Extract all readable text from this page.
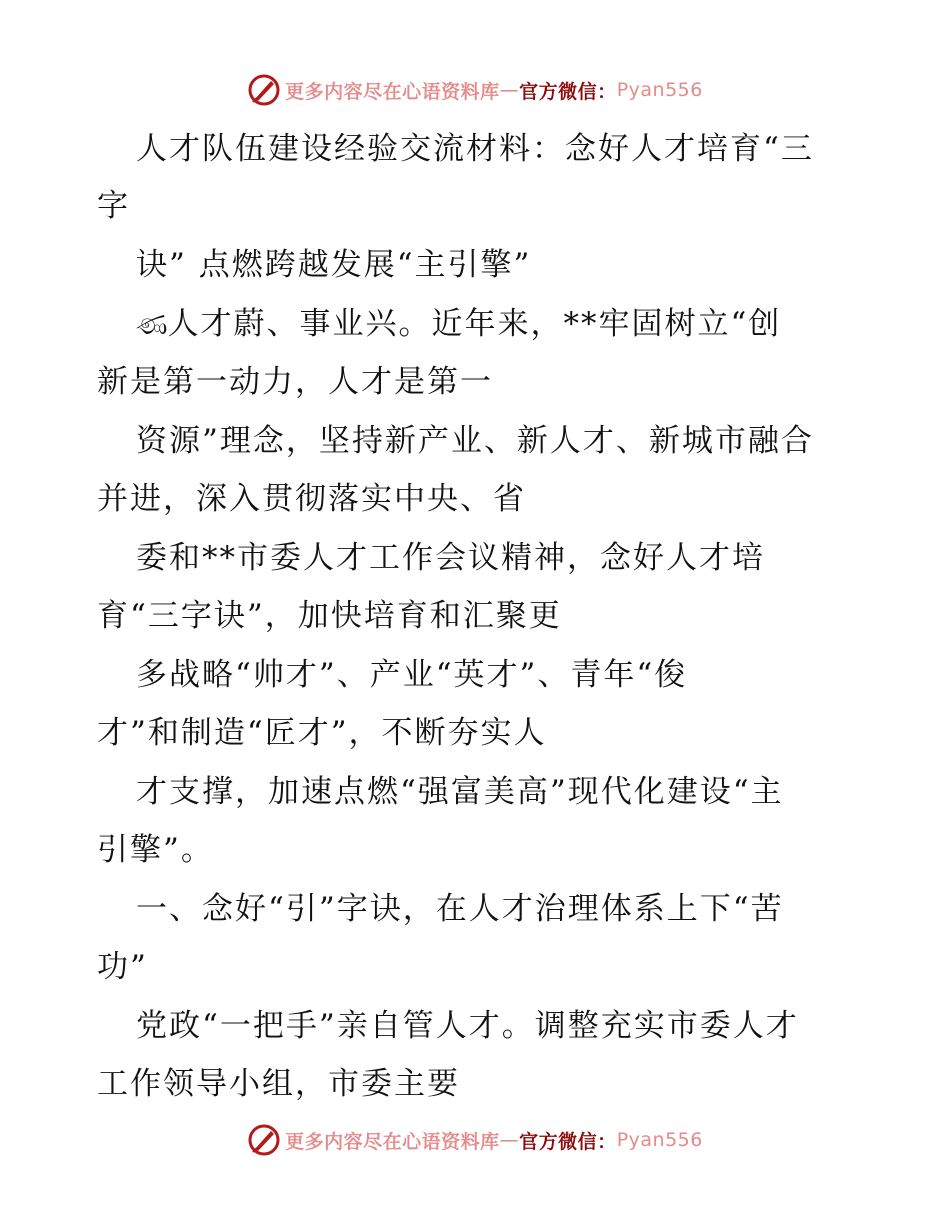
更多内容尽在心语资料库 — 官方微信： Pyan556
人才队伍建设经验交流材料：念好人才培育“三
字
诀” 点燃跨越发展“主引擎”
ණ人才蔚、事业兴。近年来，**牢固树立“创
新是第一动力，人才是第一
资源”理念，坚持新产业、新人才、新城市融合
并进，深入贯彻落实中央、省
委和**市委人才工作会议精神，念好人才培
育“三字诀”，加快培育和汇聚更
多战略“帅才”、产业“英才”、青年“俊
才”和制造“匠才”，不断夯实人
才支撑，加速点燃“强富美高”现代化建设“主
引擎”。
一、念好“引”字诀，在人才治理体系上下“苦
功”
党政“一把手”亲自管人才。调整充实市委人才
工作领导小组，市委主要
更多内容尽在心语资料库 — 官方微信： Pyan556
